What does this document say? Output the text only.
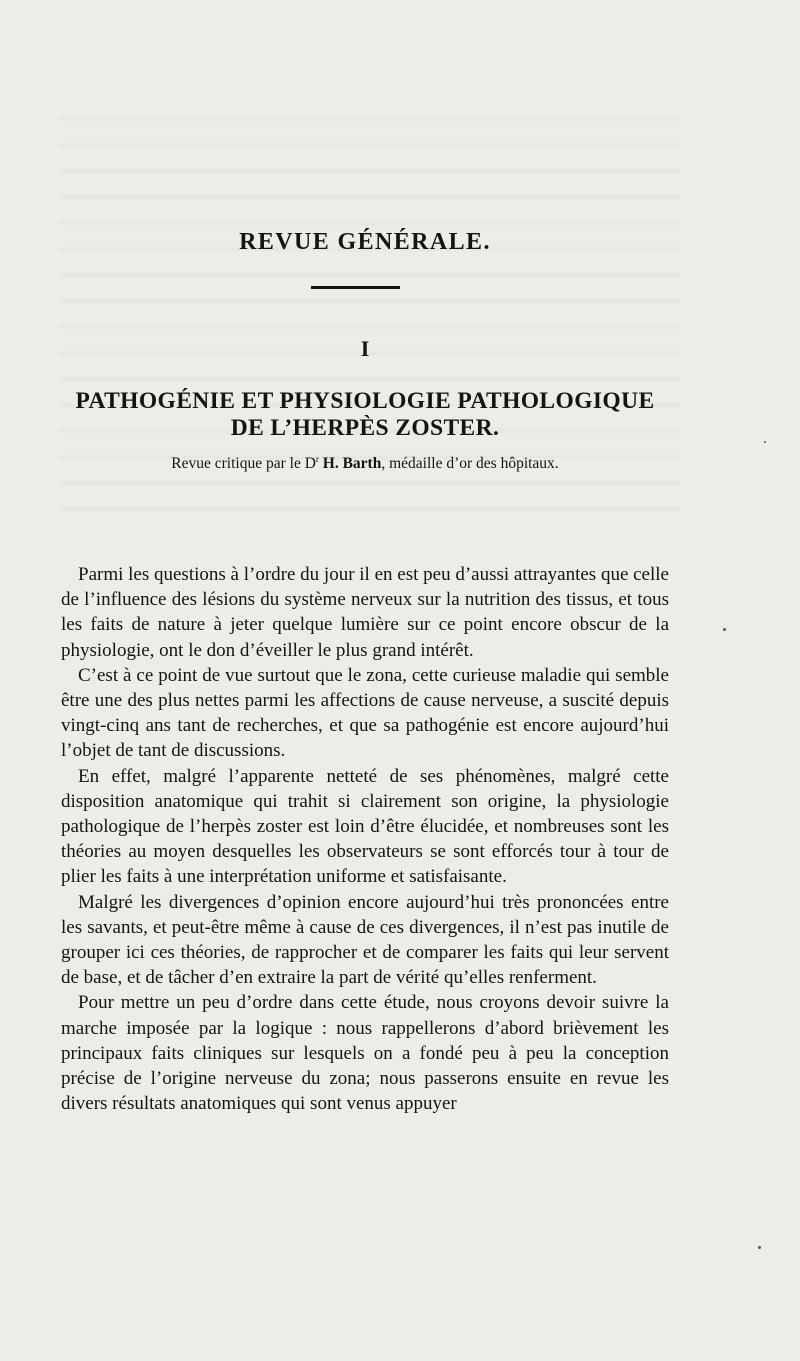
REVUE GÉNÉRALE.
I
PATHOGÉNIE ET PHYSIOLOGIE PATHOLOGIQUE
DE L’HERPÈS ZOSTER.
Revue critique par le $D^r$ H. Barth, médaille d’or des hôpitaux.

Parmi les questions à l’ordre du jour il en est peu d’aussi attrayantes que celle de l’influence des lésions du système nerveux sur la nutrition des tissus, et tous les faits de nature à jeter quelque lumière sur ce point encore obscur de la physiologie, ont le don d’éveiller le plus grand intérêt.

C’est à ce point de vue surtout que le zona, cette curieuse maladie qui semble être une des plus nettes parmi les affections de cause nerveuse, a suscité depuis vingt-cinq ans tant de recherches, et que sa pathogénie est encore aujourd’hui l’objet de tant de discussions.

En effet, malgré l’apparente netteté de ses phénomènes, malgré cette disposition anatomique qui trahit si clairement son origine, la physiologie pathologique de l’herpès zoster est loin d’être élucidée, et nombreuses sont les théories au moyen desquelles les observateurs se sont efforcés tour à tour de plier les faits à une interprétation uniforme et satisfaisante.

Malgré les divergences d’opinion encore aujourd’hui très prononcées entre les savants, et peut-être même à cause de ces divergences, il n’est pas inutile de grouper ici ces théories, de rapprocher et de comparer les faits qui leur servent de base, et de tâcher d’en extraire la part de vérité qu’elles renferment.

Pour mettre un peu d’ordre dans cette étude, nous croyons devoir suivre la marche imposée par la logique : nous rappellerons d’abord brièvement les principaux faits cliniques sur lesquels on a fondé peu à peu la conception précise de l’origine nerveuse du zona; nous passerons ensuite en revue les divers résultats anatomiques qui sont venus appuyer
